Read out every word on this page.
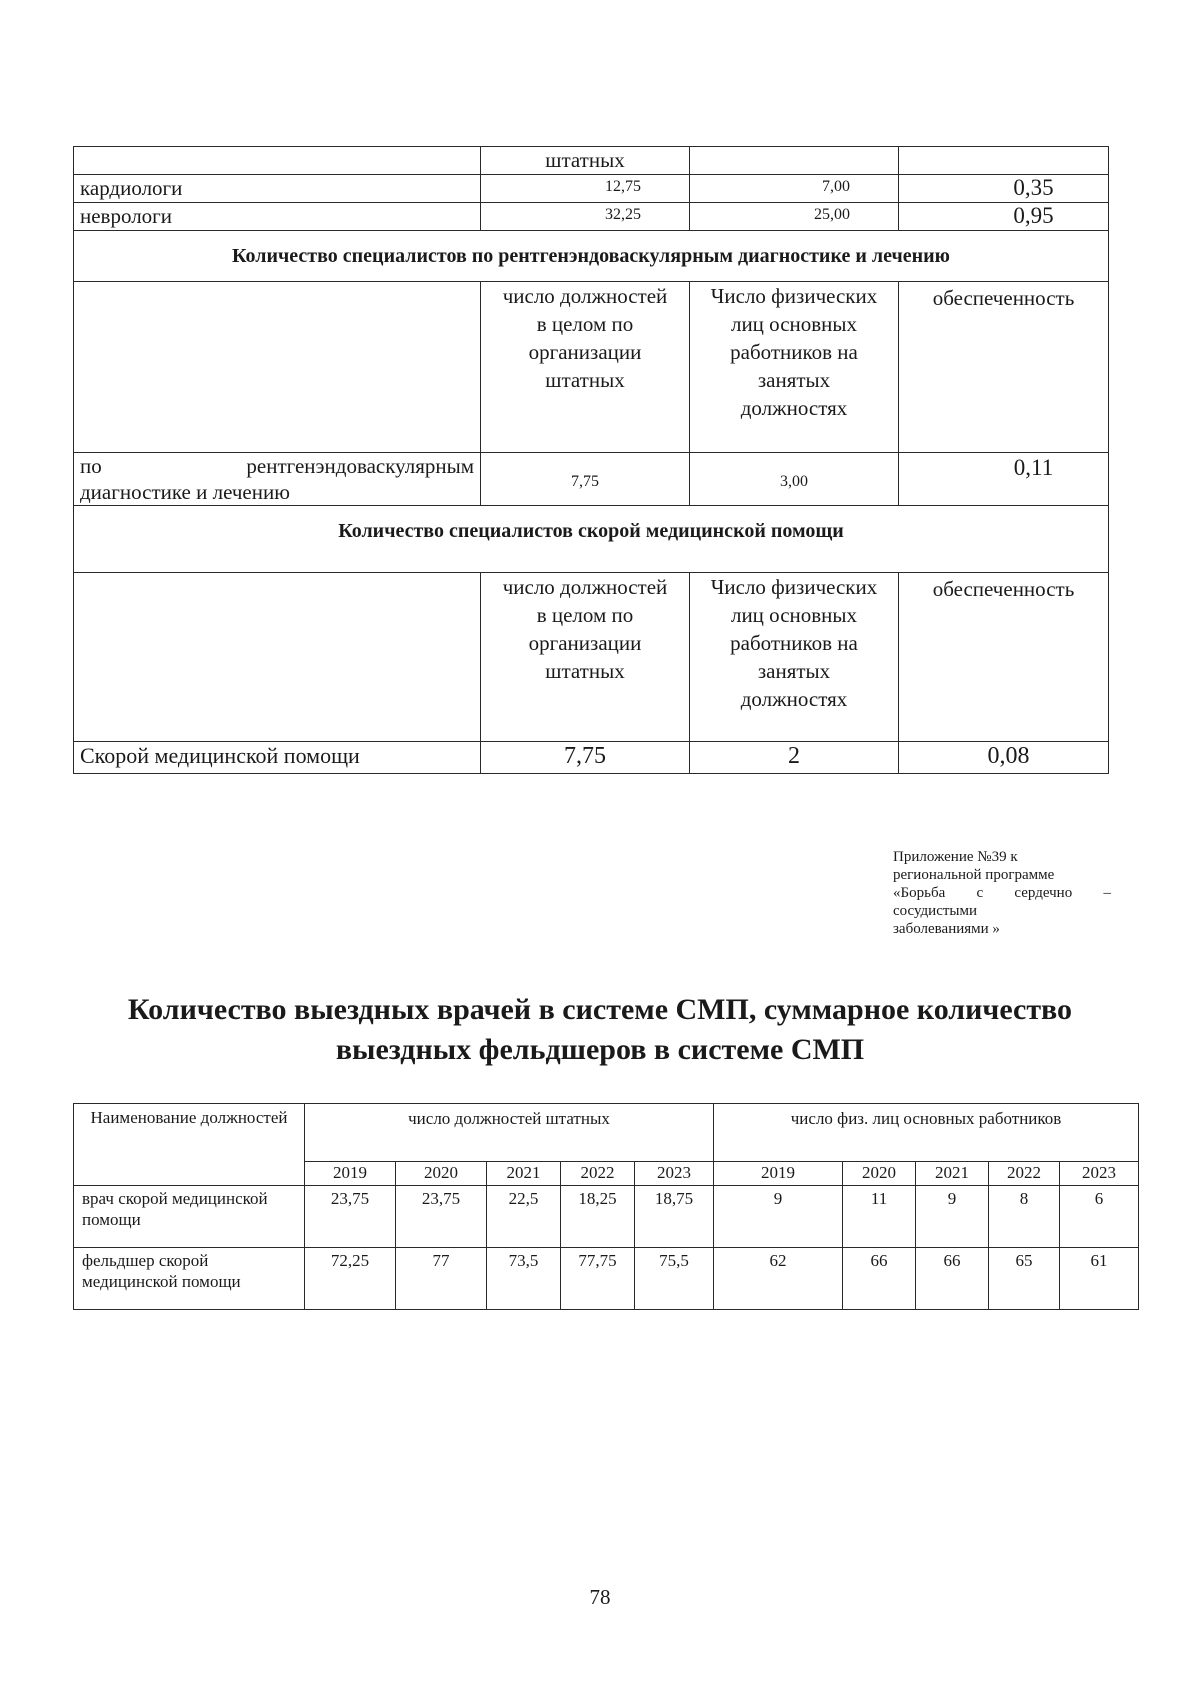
	штатных		
кардиологи	12,75	7,00	0,35
неврологи	32,25	25,00	0,95
Количество специалистов по рентгенэндоваскулярным диагностике и лечению			
	число должностей в целом по организации штатных	Число физических лиц основных работников на занятых должностях	обеспеченность

по рентгенэндоваскулярным
диагностике и лечению	7,75	3,00	0,11
Количество специалистов скорой медицинской помощи			
	число должностей в целом по организации штатных	Число физических лиц основных работников на занятых должностях	обеспеченность
Скорой медицинской помощи	7,75	2	0,08
Приложение №39 к
региональной программе
«Борьба с сердечно –
сосудистыми
заболеваниями »
Количество выездных врачей в системе СМП, суммарное количество
выездных фельдшеров в системе СМП
Наименование должностей	число должностей штатных					число физ. лиц основных работников				
	2019	2020	2021	2022	2023	2019	2020	2021	2022	2023
врач скорой медицинской помощи	23,75	23,75	22,5	18,25	18,75	9	11	9	8	6
фельдшер скорой медицинской помощи	72,25	77	73,5	77,75	75,5	62	66	66	65	61
78
